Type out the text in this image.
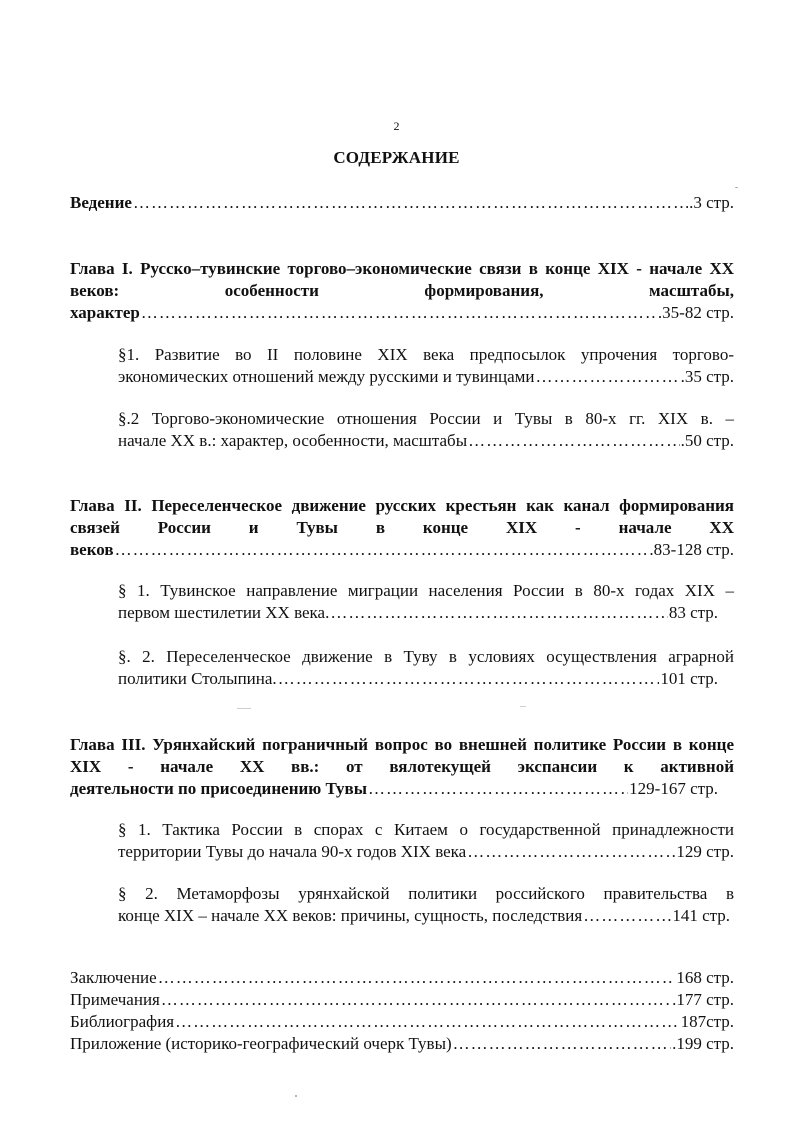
2
СОДЕРЖАНИЕ
Ведение ……………………………………………………………………………………………………………………………………………………………………	.3 стр.
Глава I. Русско–тувинские торгово–экономические связи в конце XIX - начале XX веков: особенности формирования, масштабы,
характер ……………………………………………………………………………………………………………………………………………………………………	.35-82 стр.
§1. Развитие во II половине XIX века предпосылок упрочения торгово-
экономических отношений между русскими и тувинцами ……………………………………………………………………………………………………………………………………………………………………	.35 стр.
§.2 Торгово-экономические отношения России и Тувы в 80-х гг. XIX в. –
начале XX в.: характер, особенности, масштабы ……………………………………………………………………………………………………………………………………………………………………	.50 стр.
Глава II. Переселенческое движение русских крестьян как канал формирования связей России и Тувы в конце XIX - начале XX
веков ……………………………………………………………………………………………………………………………………………………………………	.83-128 стр.
§ 1. Тувинское направление миграции населения России в 80-х годах XIX –
первом шестилетии XX века. ……………………………………………………………………………………………………………………………………………………………………	83 стр.
§. 2. Переселенческое движение в Туву в условиях осуществления аграрной
политики Столыпина. ……………………………………………………………………………………………………………………………………………………………………	101 стр.
Глава III. Урянхайский пограничный вопрос во внешней политике России в конце XIX - начале XX вв.: от вялотекущей экспансии к активной
деятельности по присоединению Тувы ……………………………………………………………………………………………………………………………………………………………………	129-167 стр.
§ 1. Тактика России в спорах с Китаем о государственной принадлежности
территории Тувы до начала 90-х годов XIX века ……………………………………………………………………………………………………………………………………………………………………	129 стр.
§ 2. Метаморфозы урянхайской политики российского правительства в
конце XIX – начале XX веков: причины, сущность, последствия ……………………………………………………………………………………………………………………………………………………………………	141 стр.
Заключение ……………………………………………………………………………………………………………………………………………………………………	168 стр.
Примечания ……………………………………………………………………………………………………………………………………………………………………	.177 стр.
Библиография ……………………………………………………………………………………………………………………………………………………………………	187стр.
Приложение (историко-географический очерк Тувы) ……………………………………………………………………………………………………………………………………………………………………	.199 стр.
